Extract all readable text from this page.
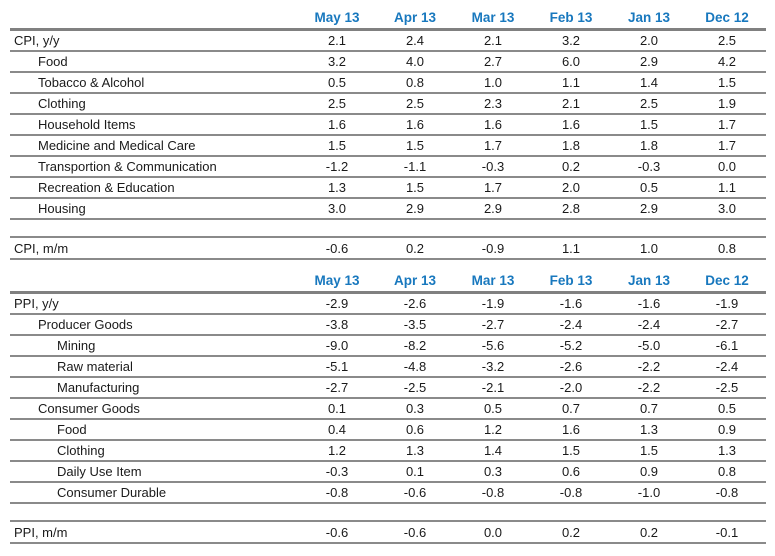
May 13	Apr 13	Mar 13	Feb 13	Jan 13	Dec 12
CPI, y/y	2.1	2.4	2.1	3.2	2.0	2.5
Food	3.2	4.0	2.7	6.0	2.9	4.2
Tobacco & Alcohol	0.5	0.8	1.0	1.1	1.4	1.5
Clothing	2.5	2.5	2.3	2.1	2.5	1.9
Household Items	1.6	1.6	1.6	1.6	1.5	1.7
Medicine and Medical Care	1.5	1.5	1.7	1.8	1.8	1.7
Transportion & Communication	-1.2	-1.1	-0.3	0.2	-0.3	0.0
Recreation & Education	1.3	1.5	1.7	2.0	0.5	1.1
Housing	3.0	2.9	2.9	2.8	2.9	3.0
CPI, m/m	-0.6	0.2	-0.9	1.1	1.0	0.8
May 13	Apr 13	Mar 13	Feb 13	Jan 13	Dec 12
PPI, y/y	-2.9	-2.6	-1.9	-1.6	-1.6	-1.9
Producer Goods	-3.8	-3.5	-2.7	-2.4	-2.4	-2.7
Mining	-9.0	-8.2	-5.6	-5.2	-5.0	-6.1
Raw material	-5.1	-4.8	-3.2	-2.6	-2.2	-2.4
Manufacturing	-2.7	-2.5	-2.1	-2.0	-2.2	-2.5
Consumer Goods	0.1	0.3	0.5	0.7	0.7	0.5
Food	0.4	0.6	1.2	1.6	1.3	0.9
Clothing	1.2	1.3	1.4	1.5	1.5	1.3
Daily Use Item	-0.3	0.1	0.3	0.6	0.9	0.8
Consumer Durable	-0.8	-0.6	-0.8	-0.8	-1.0	-0.8
PPI, m/m	-0.6	-0.6	0.0	0.2	0.2	-0.1
